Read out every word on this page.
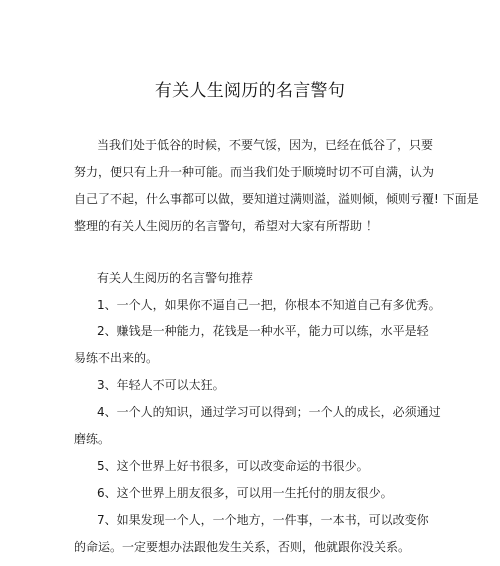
有关人生阅历的名言警句
当我们处于低谷的时候，不要气馁，因为，已经在低谷了，只要
努力，便只有上升一种可能。而当我们处于顺境时切不可自满，认为
自己了不起，什么事都可以做，要知道过满则溢，溢则倾，倾则亏覆! 下面是
整理的有关人生阅历的名言警句，希望对大家有所帮助 ！
有关人生阅历的名言警句推荐
1、一个人，如果你不逼自己一把，你根本不知道自己有多优秀。
2、赚钱是一种能力，花钱是一种水平，能力可以练，水平是轻
易练不出来的。
3、年轻人不可以太狂。
4、一个人的知识，通过学习可以得到；一个人的成长，必须通过
磨练。
5、这个世界上好书很多，可以改变命运的书很少。
6、这个世界上朋友很多，可以用一生托付的朋友很少。
7、如果发现一个人，一个地方，一件事，一本书，可以改变你
的命运。一定要想办法跟他发生关系，否则，他就跟你没关系。
